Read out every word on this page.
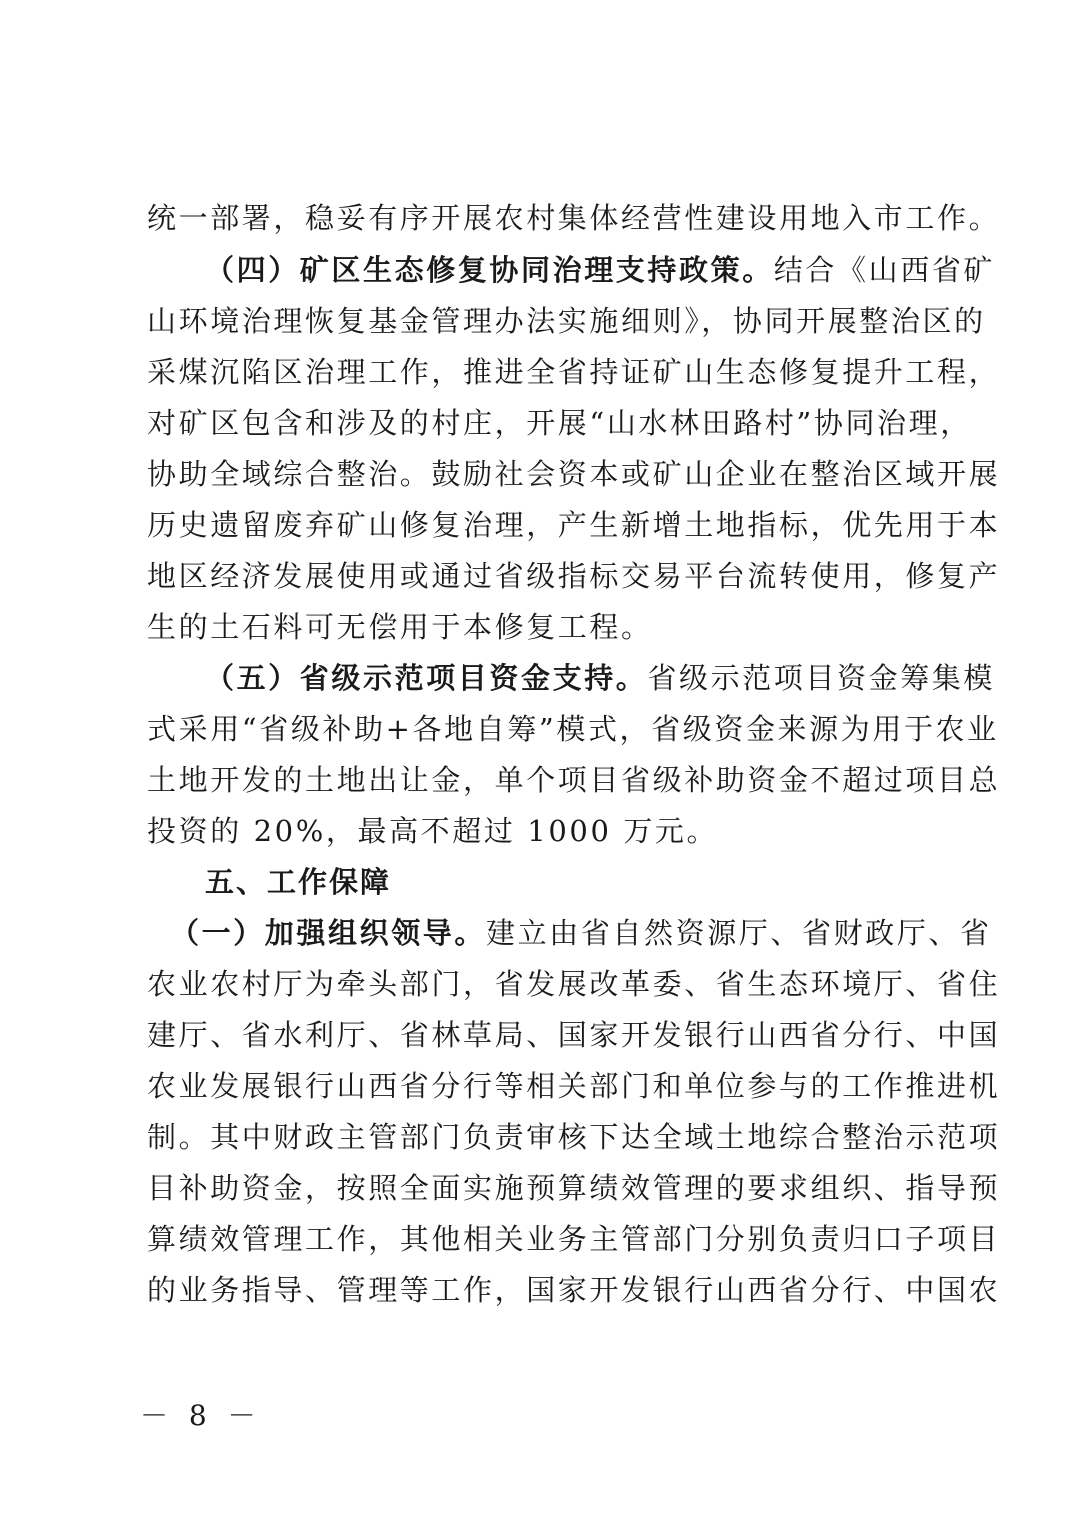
统一部署，稳妥有序开展农村集体经营性建设用地入市工作。

（四）矿区生态修复协同治理支持政策。结合《山西省矿

山环境治理恢复基金管理办法实施细则》，协同开展整治区的

采煤沉陷区治理工作，推进全省持证矿山生态修复提升工程，

对矿区包含和涉及的村庄，开展“山水林田路村”协同治理，

协助全域综合整治。鼓励社会资本或矿山企业在整治区域开展

历史遗留废弃矿山修复治理，产生新增土地指标，优先用于本

地区经济发展使用或通过省级指标交易平台流转使用，修复产

生的土石料可无偿用于本修复工程。

（五）省级示范项目资金支持。省级示范项目资金筹集模

式采用“省级补助+各地自筹”模式，省级资金来源为用于农业

土地开发的土地出让金，单个项目省级补助资金不超过项目总

投资的 20%，最高不超过 1000 万元。

五、工作保障

（一）加强组织领导。建立由省自然资源厅、省财政厅、省

农业农村厅为牵头部门，省发展改革委、省生态环境厅、省住

建厅、省水利厅、省林草局、国家开发银行山西省分行、中国

农业发展银行山西省分行等相关部门和单位参与的工作推进机

制。其中财政主管部门负责审核下达全域土地综合整治示范项

目补助资金，按照全面实施预算绩效管理的要求组织、指导预

算绩效管理工作，其他相关业务主管部门分别负责归口子项目

的业务指导、管理等工作，国家开发银行山西省分行、中国农

－ 8 －
